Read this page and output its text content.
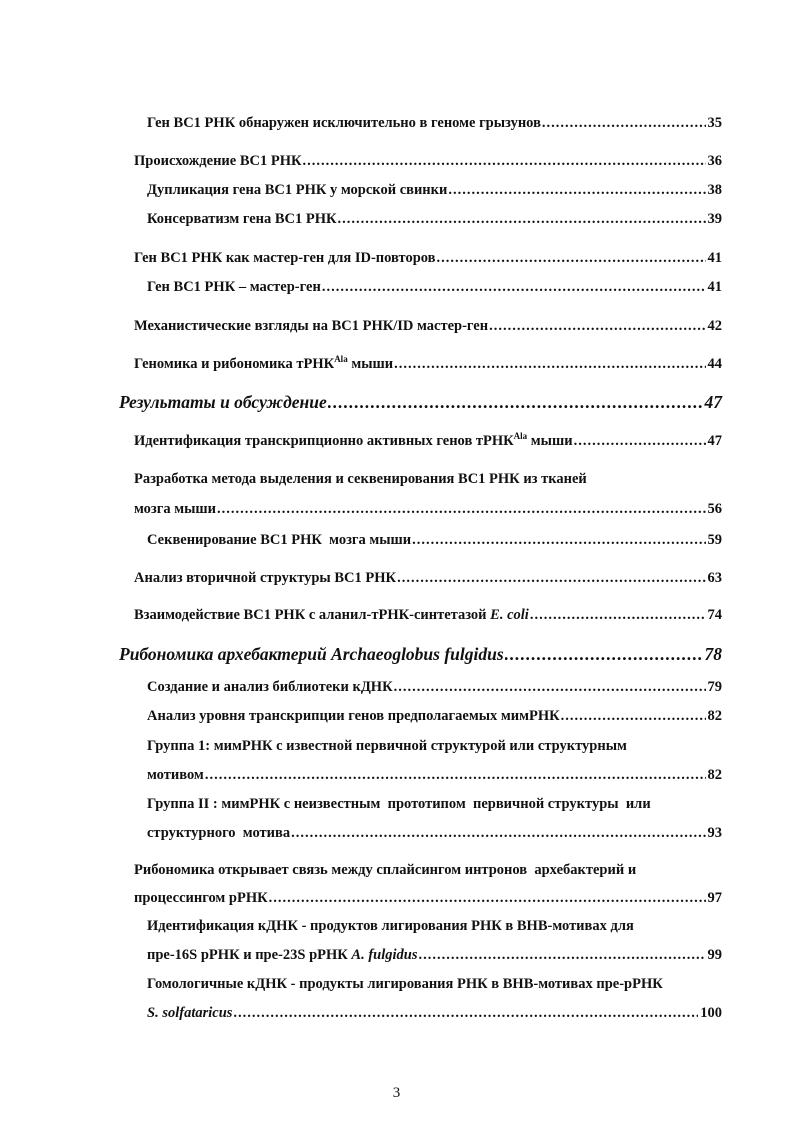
Ген ВС1 РНК обнаружен исключительно в геноме грызунов .....	35
Происхождение ВС1 РНК .....	36
Дупликация гена ВС1 РНК у морской свинки .....	38
Консерватизм гена ВС1 РНК .....	39
Ген ВС1 РНК как мастер-ген для ID-повторов .....	41
Ген ВС1 РНК – мастер-ген .....	41
Механистические взгляды на ВС1 РНК/ID мастер-ген .....	42
Геномика и рибономика тРНК$^{Ala}$ мыши .....	44
Результаты и обсуждение .....	47
Идентификация транскрипционно активных генов тРНК$^{Ala}$ мыши .....	47
Разработка метода выделения и секвенирования ВС1 РНК из тканей
мозга мыши .....	56
Секвенирование ВС1 РНК  мозга мыши .....	59
Анализ вторичной структуры ВС1 РНК .....	63
Взаимодействие ВС1 РНК с аланил-тРНК-синтетазой E. coli .....	74
Рибономика архебактерий Archaeoglobus fulgidus .....	78
Создание и анализ библиотеки кДНК .....	79
Анализ уровня транскрипции генов предполагаемых мимРНК .....	82
Группа 1: мимРНК с известной первичной структурой или структурным
мотивом .....	82
Группа II : мимРНК с неизвестным  прототипом  первичной структуры  или
структурного  мотива .....	93
Рибономика открывает связь между сплайсингом интронов  архебактерий и
процессингом рРНК .....	97
Идентификация кДНК - продуктов лигирования РНК в ВНВ-мотивах для
пре-16S рРНК и пре-23S рРНК A. fulgidus .....	99
Гомологичные кДНК - продукты лигирования РНК в ВНВ-мотивах пре-рРНК
S. solfataricus .....	100
3
